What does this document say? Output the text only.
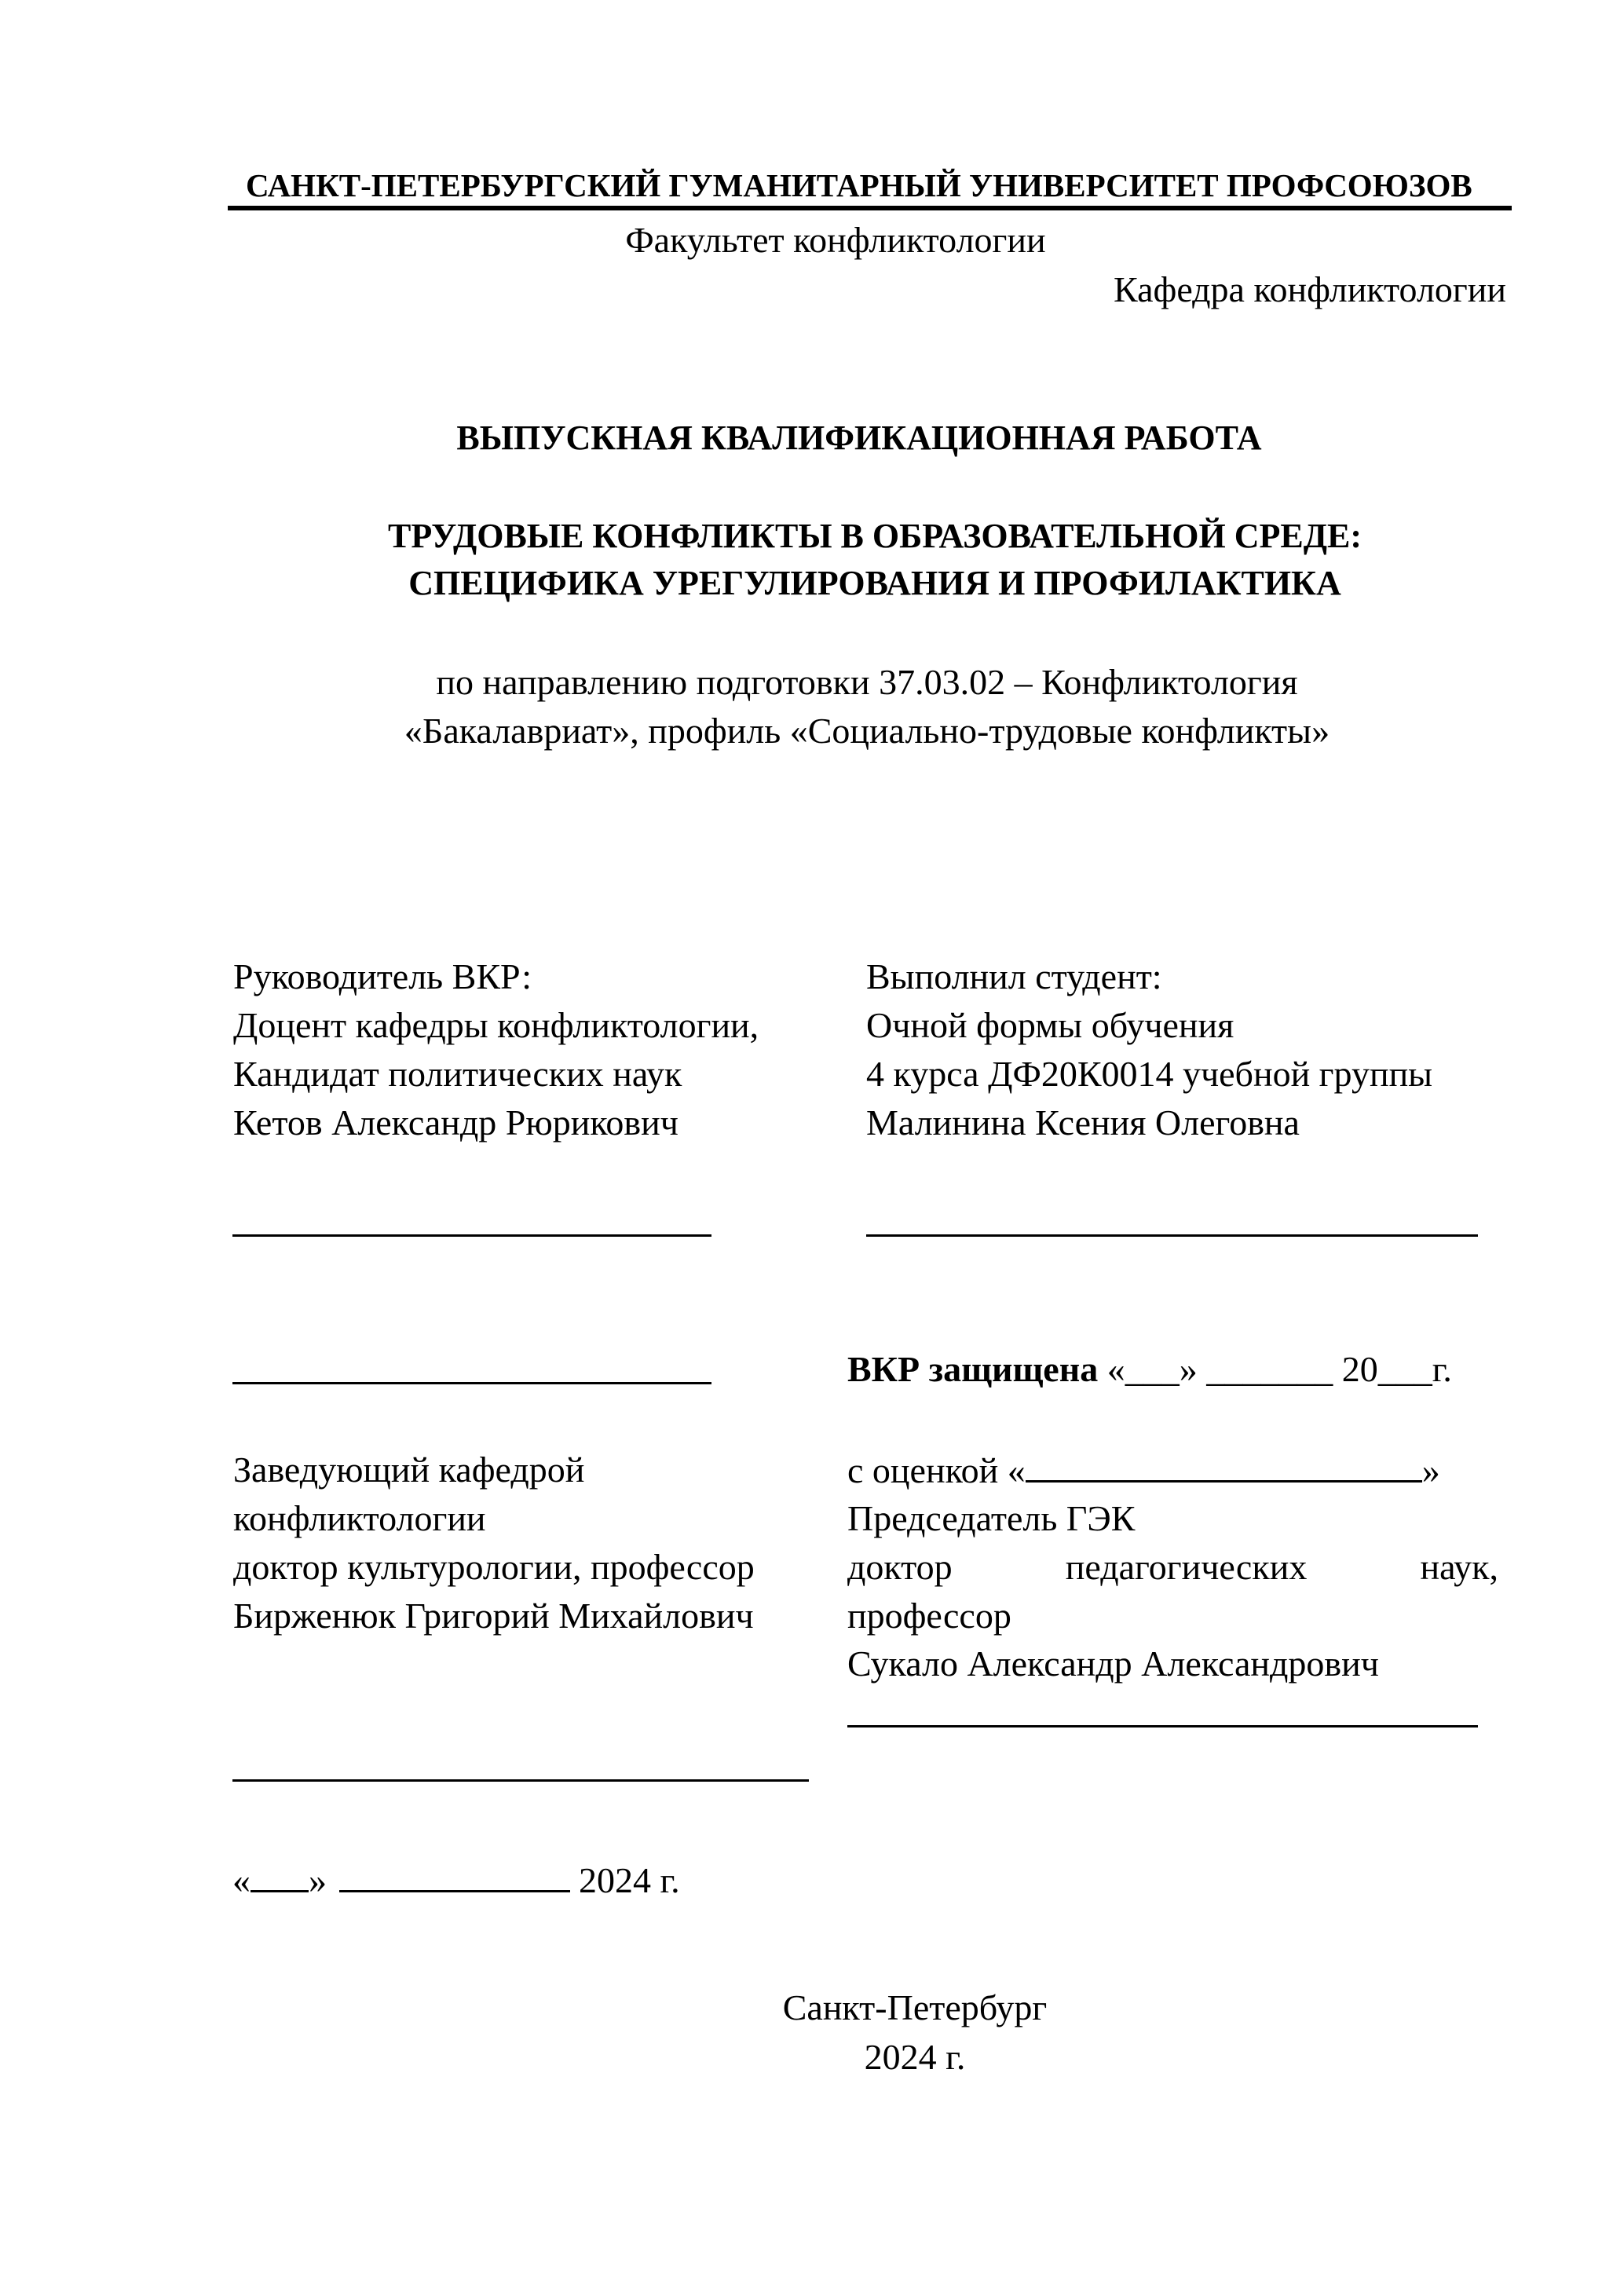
САНКТ-ПЕТЕРБУРГСКИЙ ГУМАНИТАРНЫЙ УНИВЕРСИТЕТ ПРОФСОЮЗОВ
Факультет конфликтологии
Кафедра конфликтологии
ВЫПУСКНАЯ КВАЛИФИКАЦИОННАЯ РАБОТА
ТРУДОВЫЕ КОНФЛИКТЫ В ОБРАЗОВАТЕЛЬНОЙ СРЕДЕ:
СПЕЦИФИКА УРЕГУЛИРОВАНИЯ И ПРОФИЛАКТИКА
по направлению подготовки 37.03.02 – Конфликтология
«Бакалавриат», профиль «Социально-трудовые конфликты»
Руководитель ВКР:
Доцент кафедры конфликтологии,
Кандидат политических наук
Кетов Александр Рюрикович
Выполнил студент:
Очной формы обучения
4 курса ДФ20К0014 учебной группы
Малинина Ксения Олеговна
ВКР защищена «___» _______ 20___г.
Заведующий кафедрой
конфликтологии
доктор культурологии, профессор
Бирженюк Григорий Михайлович
с оценкой «	»
Председатель ГЭК
доктор	педагогических	наук,
профессор
Сукало Александр Александрович
« »	2024 г.
Санкт-Петербург
2024 г.
